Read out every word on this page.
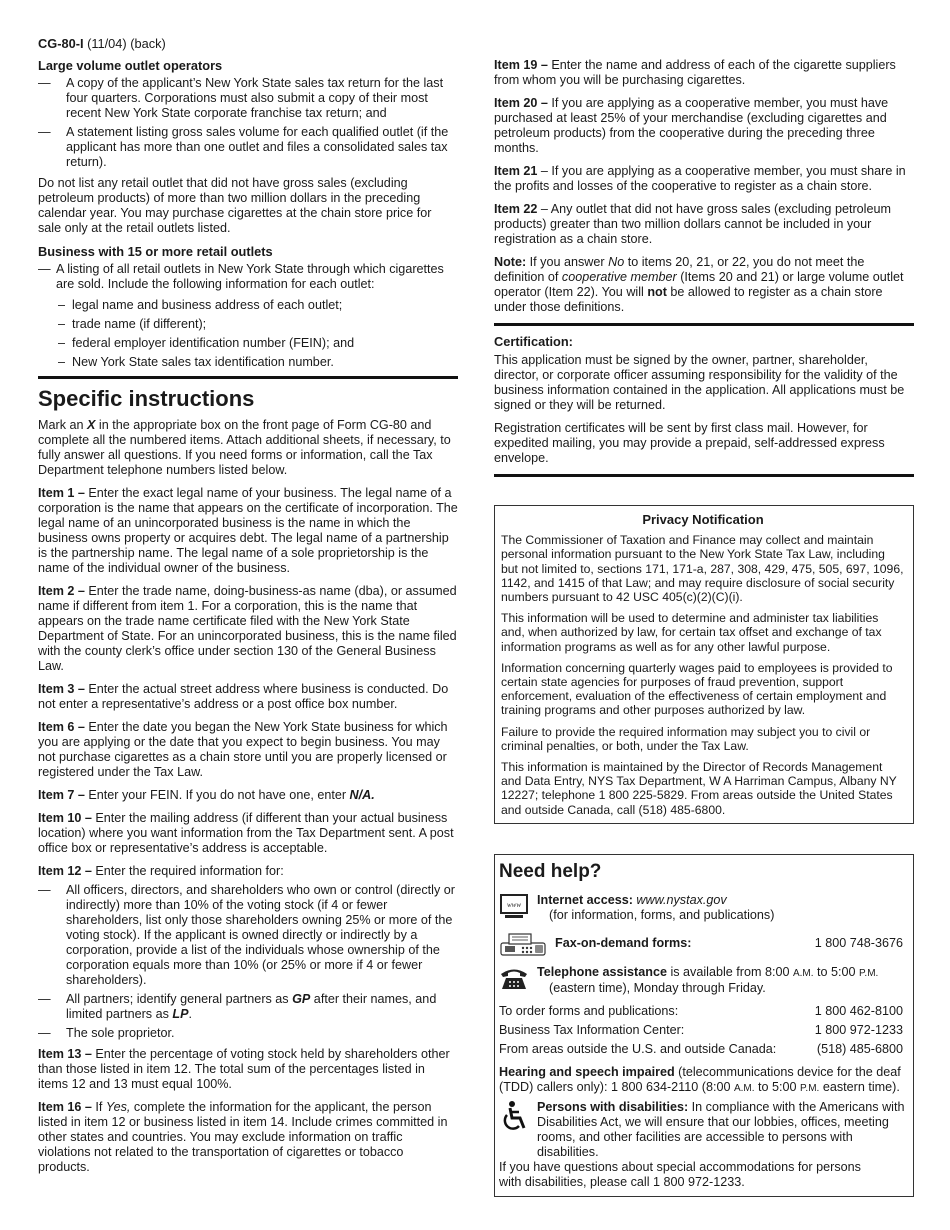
CG-80-I (11/04) (back)
Large volume outlet operators
— A copy of the applicant’s New York State sales tax return for the last four quarters. Corporations must also submit a copy of their most recent New York State corporate franchise tax return; and
— A statement listing gross sales volume for each qualified outlet (if the applicant has more than one outlet and files a consolidated sales tax return).

Do not list any retail outlet that did not have gross sales (excluding petroleum products) of more than two million dollars in the preceding calendar year. You may purchase cigarettes at the chain store price for sale only at the retail outlets listed.

Business with 15 or more retail outlets
— A listing of all retail outlets in New York State through which cigarettes are sold. Include the following information for each outlet:
– legal name and business address of each outlet;
– trade name (if different);
– federal employer identification number (FEIN); and
– New York State sales tax identification number.
Specific instructions

Mark an X in the appropriate box on the front page of Form CG-80 and complete all the numbered items. Attach additional sheets, if necessary, to fully answer all questions. If you need forms or information, call the Tax Department telephone numbers listed below.

Item 1 – Enter the exact legal name of your business. The legal name of a corporation is the name that appears on the certificate of incorporation. The legal name of an unincorporated business is the name in which the business owns property or acquires debt. The legal name of a partnership is the partnership name. The legal name of a sole proprietorship is the name of the individual owner of the business.

Item 2 – Enter the trade name, doing-business-as name (dba), or assumed name if different from item 1. For a corporation, this is the name that appears on the trade name certificate filed with the New York State Department of State. For an unincorporated business, this is the name filed with the county clerk’s office under section 130 of the General Business Law.

Item 3 – Enter the actual street address where business is conducted. Do not enter a representative’s address or a post office box number.

Item 6 – Enter the date you began the New York State business for which you are applying or the date that you expect to begin business. You may not purchase cigarettes as a chain store until you are properly licensed or registered under the Tax Law.

Item 7 – Enter your FEIN. If you do not have one, enter N/A.

Item 10 – Enter the mailing address (if different than your actual business location) where you want information from the Tax Department sent. A post office box or representative’s address is acceptable.

Item 12 – Enter the required information for:

— All officers, directors, and shareholders who own or control (directly or indirectly) more than 10% of the voting stock (if 4 or fewer shareholders, list only those shareholders owning 25% or more of the voting stock). If the applicant is owned directly or indirectly by a corporation, provide a list of the individuals whose ownership of the corporation equals more than 10% (or 25% or more if 4 or fewer shareholders).
— All partners; identify general partners as GP after their names, and limited partners as LP.
— The sole proprietor.

Item 13 – Enter the percentage of voting stock held by shareholders other than those listed in item 12. The total sum of the percentages listed in items 12 and 13 must equal 100%.

Item 16 – If Yes, complete the information for the applicant, the person listed in item 12 or business listed in item 14. Include crimes committed in other states and countries. You may exclude information on traffic violations not related to the transportation of cigarettes or tobacco products.

Item 19 – Enter the name and address of each of the cigarette suppliers from whom you will be purchasing cigarettes.

Item 20 – If you are applying as a cooperative member, you must have purchased at least 25% of your merchandise (excluding cigarettes and petroleum products) from the cooperative during the preceding three months.

Item 21 – If you are applying as a cooperative member, you must share in the profits and losses of the cooperative to register as a chain store.

Item 22 – Any outlet that did not have gross sales (excluding petroleum products) greater than two million dollars cannot be included in your registration as a chain store.

Note: If you answer No to items 20, 21, or 22, you do not meet the definition of cooperative member (Items 20 and 21) or large volume outlet operator (Item 22). You will not be allowed to register as a chain store under those definitions.

Certification:

This application must be signed by the owner, partner, shareholder, director, or corporate officer assuming responsibility for the validity of the business information contained in the application. All applications must be signed or they will be returned.

Registration certificates will be sent by first class mail. However, for expedited mailing, you may provide a prepaid, self-addressed express envelope.

Privacy Notification

The Commissioner of Taxation and Finance may collect and maintain personal information pursuant to the New York State Tax Law, including but not limited to, sections 171, 171-a, 287, 308, 429, 475, 505, 697, 1096, 1142, and 1415 of that Law; and may require disclosure of social security numbers pursuant to 42 USC 405(c)(2)(C)(i).

This information will be used to determine and administer tax liabilities and, when authorized by law, for certain tax offset and exchange of tax information programs as well as for any other lawful purpose.

Information concerning quarterly wages paid to employees is provided to certain state agencies for purposes of fraud prevention, support enforcement, evaluation of the effectiveness of certain employment and training programs and other purposes authorized by law.

Failure to provide the required information may subject you to civil or criminal penalties, or both, under the Tax Law.

This information is maintained by the Director of Records Management and Data Entry, NYS Tax Department, W A Harriman Campus, Albany NY 12227; telephone 1 800 225-5829. From areas outside the United States and outside Canada, call (518) 485-6800.

Need help?
www Internet access: www.nystax.gov
(for information, forms, and publications)
Fax-on-demand forms:	1 800 748-3676
Telephone assistance is available from 8:00 A.M. to 5:00 P.M.
(eastern time), Monday through Friday.
To order forms and publications:	1 800 462-8100
Business Tax Information Center:	1 800 972-1233
From areas outside the U.S. and outside Canada:	(518) 485-6800

Hearing and speech impaired (telecommunications device for the deaf (TDD) callers only): 1 800 634-2110 (8:00 A.M. to 5:00 P.M. eastern time).

Persons with disabilities: In compliance with the Americans with Disabilities Act, we will ensure that our lobbies, offices, meeting rooms, and other facilities are accessible to persons with disabilities.
If you have questions about special accommodations for persons with disabilities, please call 1 800 972-1233.
